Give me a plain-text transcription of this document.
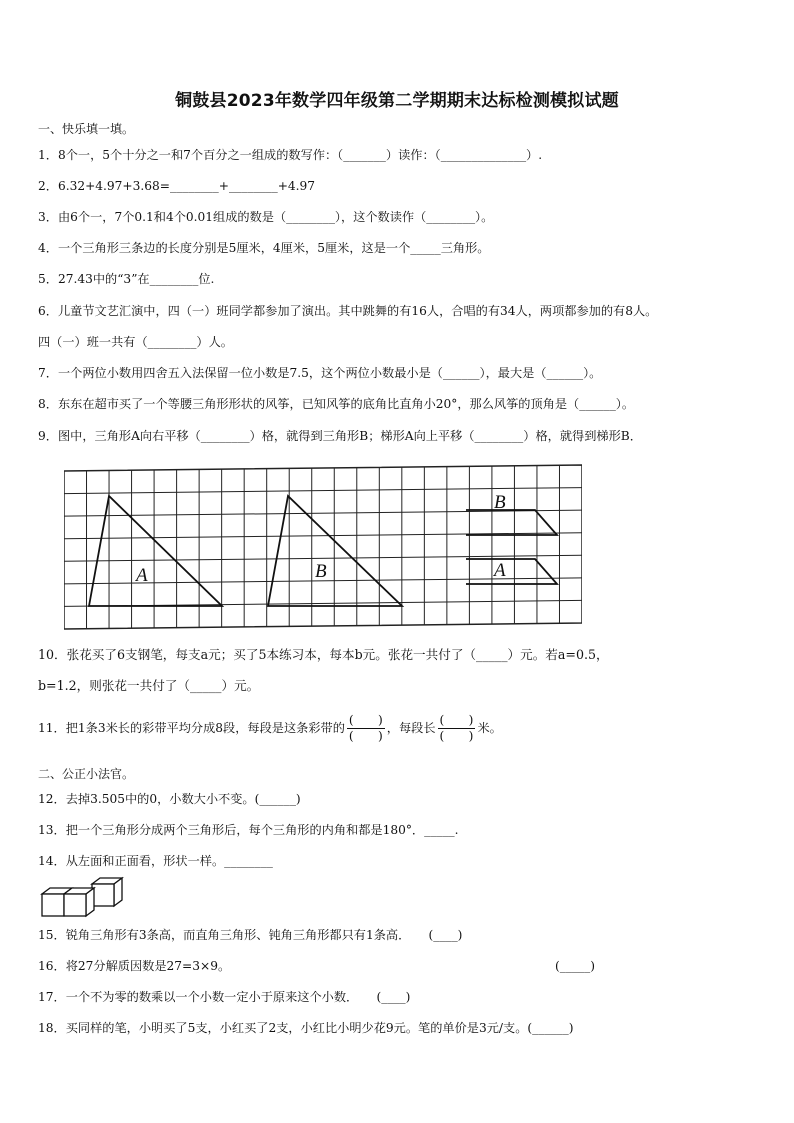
铜鼓县2023年数学四年级第二学期期末达标检测模拟试题
一、快乐填一填。
1．8个一，5个十分之一和7个百分之一组成的数写作：（_______）读作：（______________）.
2．6.32+4.97+3.68=________+________+4.97
3．由6个一，7个0.1和4个0.01组成的数是（________），这个数读作（________）。
4．一个三角形三条边的长度分别是5厘米，4厘米，5厘米，这是一个_____三角形。
5．27.43中的“3”在________位.
6．儿童节文艺汇演中，四（一）班同学都参加了演出。其中跳舞的有16人，合唱的有34人，两项都参加的有8人。
四（一）班一共有（________）人。
7．一个两位小数用四舍五入法保留一位小数是7.5，这个两位小数最小是（______），最大是（______）。
8．东东在超市买了一个等腰三角形形状的风筝，已知风筝的底角比直角小20°，那么风筝的顶角是（______）。
9．图中，三角形A向右平移（________）格，就得到三角形B；梯形A向上平移（________）格，就得到梯形B．
A	B
B
A
10．张花买了6支钢笔，每支a元；买了5本练习本，每本b元。张花一共付了（_____）元。若a=0.5，
b=1.2，则张花一共付了（_____）元。
11．把1条3米长的彩带平均分成8段，每段是这条彩带的 $\frac{( )}{( )}$ ，每段长 $\frac{( )}{( )}$ 米。
二、公正小法官。
12．去掉3.505中的0，小数大小不变。(______)
13．把一个三角形分成两个三角形后，每个三角形的内角和都是180°．_____.
14．从左面和正面看，形状一样。________
15．锐角三角形有3条高，而直角三角形、钝角三角形都只有1条高．　　(____)
16．将27分解质因数是27=3×9。	(_____)
17．一个不为零的数乘以一个小数一定小于原来这个小数．　　(____)
18．买同样的笔，小明买了5支，小红买了2支，小红比小明少花9元。笔的单价是3元/支。(______)
